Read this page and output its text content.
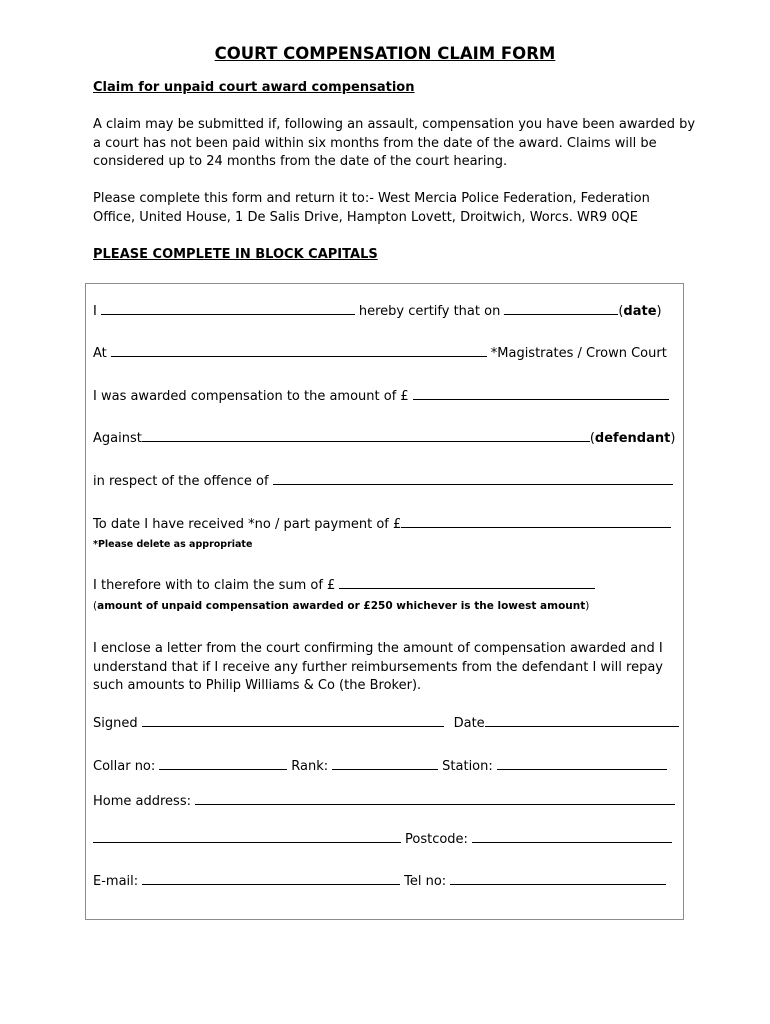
COURT COMPENSATION CLAIM FORM
Claim for unpaid court award compensation
A claim may be submitted if, following an assault, compensation you have been awarded by
a court has not been paid within six months from the date of the award. Claims will be
considered up to 24 months from the date of the court hearing.
Please complete this form and return it to:- West Mercia Police Federation, Federation
Office, United House, 1 De Salis Drive, Hampton Lovett, Droitwich, Worcs. WR9 0QE
PLEASE COMPLETE IN BLOCK CAPITALS
I	hereby certify that on	( date )
At	*Magistrates / Crown Court
I was awarded compensation to the amount of £
Against	( defendant )
in respect of the offence of
To date I have received *no / part payment of £
*Please delete as appropriate
I therefore with to claim the sum of £
(amount of unpaid compensation awarded or £250 whichever is the lowest amount)
I enclose a letter from the court confirming the amount of compensation awarded and I
understand that if I receive any further reimbursements from the defendant I will repay
such amounts to Philip Williams & Co (the Broker).
Signed	Date
Collar no:	Rank:	Station:
Home address:
Postcode:
E-mail:	Tel no:
